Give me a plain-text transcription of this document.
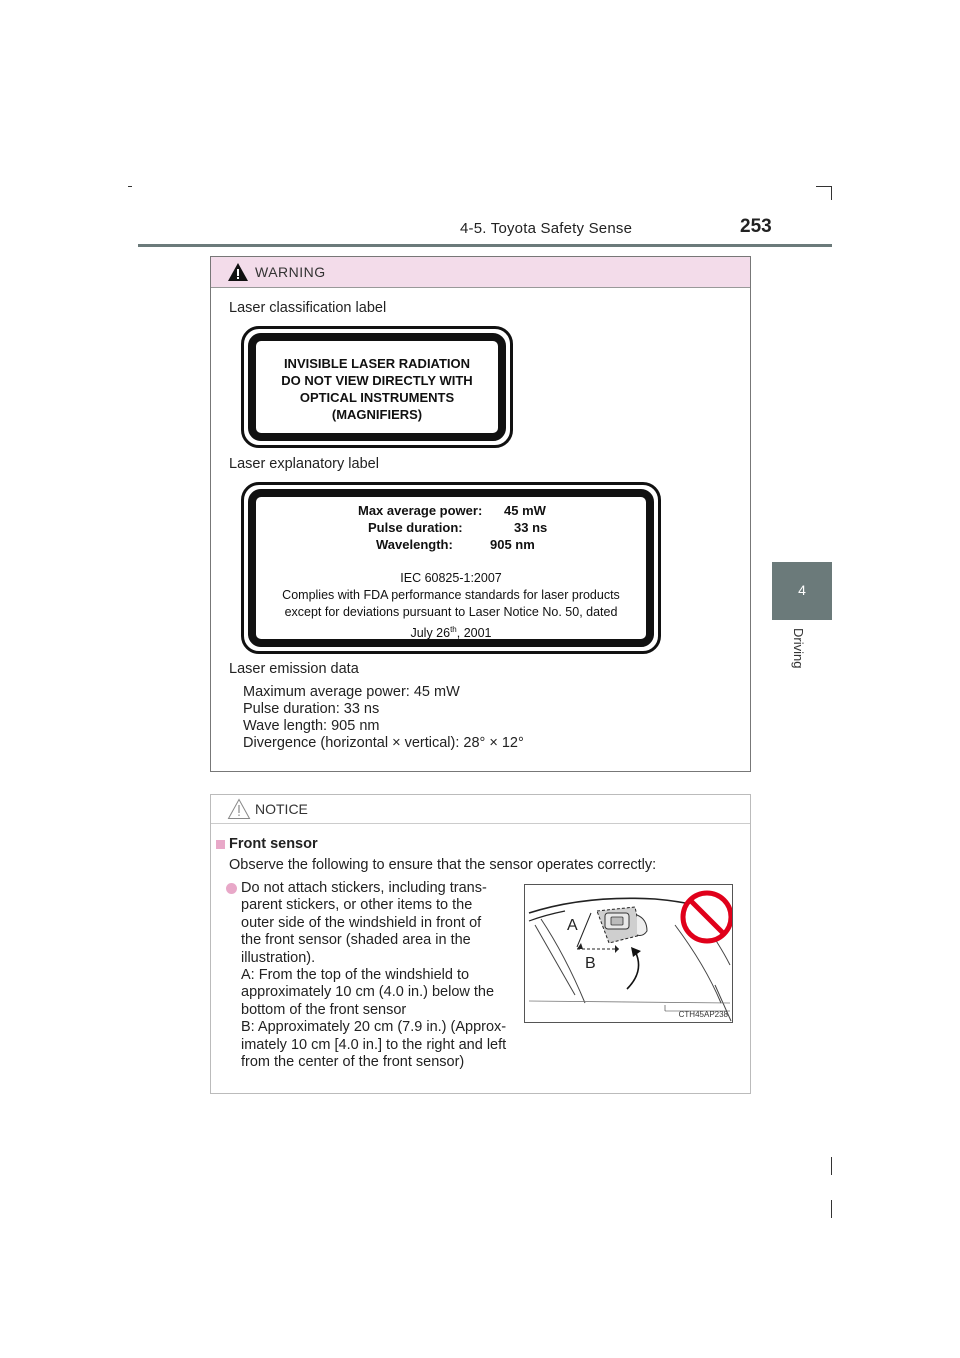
4-5. Toyota Safety Sense	253
4
Driving
WARNING
Laser classification label
INVISIBLE LASER RADIATION
DO NOT VIEW DIRECTLY WITH
OPTICAL INSTRUMENTS
(MAGNIFIERS)
Laser explanatory label
Max average power: 45 mW
Pulse duration:	33 ns
Wavelength:	905 nm
IEC 60825-1:2007
Complies with FDA performance standards for laser products
except for deviations pursuant to Laser Notice No. 50, dated
July 26th, 2001
Laser emission data
Maximum average power: 45 mW
Pulse duration: 33 ns
Wave length: 905 nm
Divergence (horizontal × vertical): 28° × 12°
NOTICE
Front sensor
Observe the following to ensure that the sensor operates correctly:
Do not attach stickers, including trans-
parent stickers, or other items to the
outer side of the windshield in front of
the front sensor (shaded area in the
illustration).
A: From the top of the windshield to
approximately 10 cm (4.0 in.) below the
bottom of the front sensor
B: Approximately 20 cm (7.9 in.) (Approx-
imately 10 cm [4.0 in.] to the right and left
from the center of the front sensor)
A
B
CTH45AP238
